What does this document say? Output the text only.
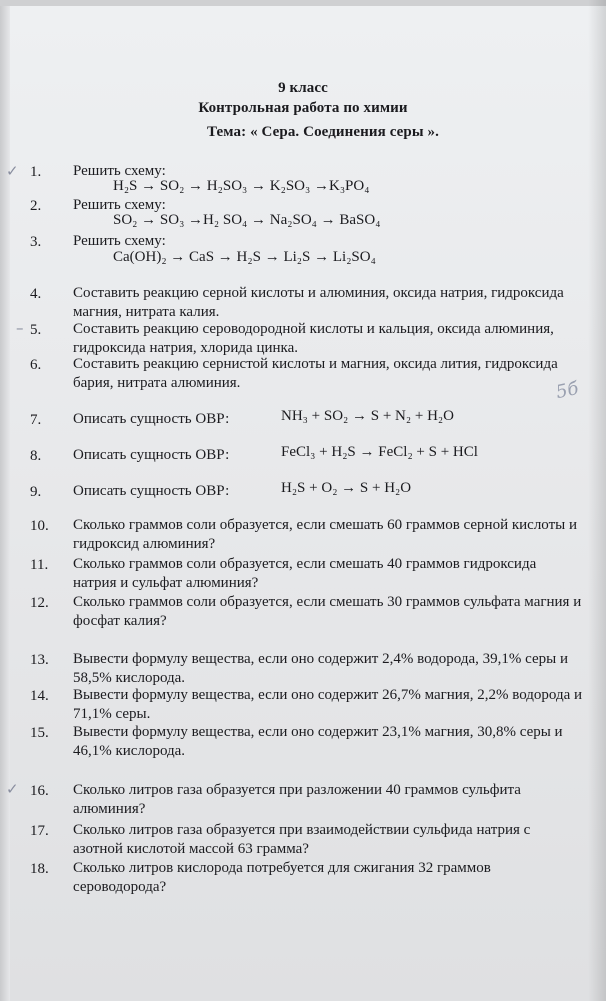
9 класс
Контрольная работа по химии
Тема: « Сера. Соединения серы ».
✓
–
✓
5б
1.	Решить схему:
H₂S → SO₂ → H₂SO₃ → K₂SO₃ →K₃PO₄
2.	Решить схему:
SO₂ → SO₃ →H₂ SO₄ → Na₂SO₄ → BaSO₄
3.	Решить схему:
Ca(OH)₂ → CaS → H₂S → Li₂S → Li₂SO₄
4.	Составить реакцию серной кислоты и алюминия, оксида натрия, гидроксида магния, нитрата калия.
5.	Составить реакцию сероводородной кислоты и кальция, оксида алюминия, гидроксида натрия, хлорида цинка.
6.	Составить реакцию сернистой кислоты и магния, оксида лития, гидроксида бария, нитрата алюминия.
7.	Описать сущность ОВР:	NH₃ + SO₂ → S + N₂ + H₂O
8.	Описать сущность ОВР:	FeCl₃ + H₂S → FeCl₂ + S + HCl
9.	Описать сущность ОВР:	H₂S + O₂ → S + H₂O
10.	Сколько граммов соли образуется, если смешать 60 граммов серной кислоты и гидроксид алюминия?
11.	Сколько граммов соли образуется, если смешать 40 граммов гидроксида натрия и сульфат алюминия?
12.	Сколько граммов соли образуется, если смешать 30 граммов сульфата магния и фосфат калия?
13.	Вывести формулу вещества, если оно содержит 2,4% водорода, 39,1% серы и 58,5% кислорода.
14.	Вывести формулу вещества, если оно содержит 26,7% магния, 2,2% водорода и 71,1% серы.
15.	Вывести формулу вещества, если оно содержит 23,1% магния, 30,8% серы и 46,1% кислорода.
16.	Сколько литров газа образуется при разложении 40 граммов сульфита алюминия?
17.	Сколько литров газа образуется при взаимодействии сульфида натрия с азотной кислотой массой 63 грамма?
18.	Сколько литров кислорода потребуется для сжигания 32 граммов сероводорода?
